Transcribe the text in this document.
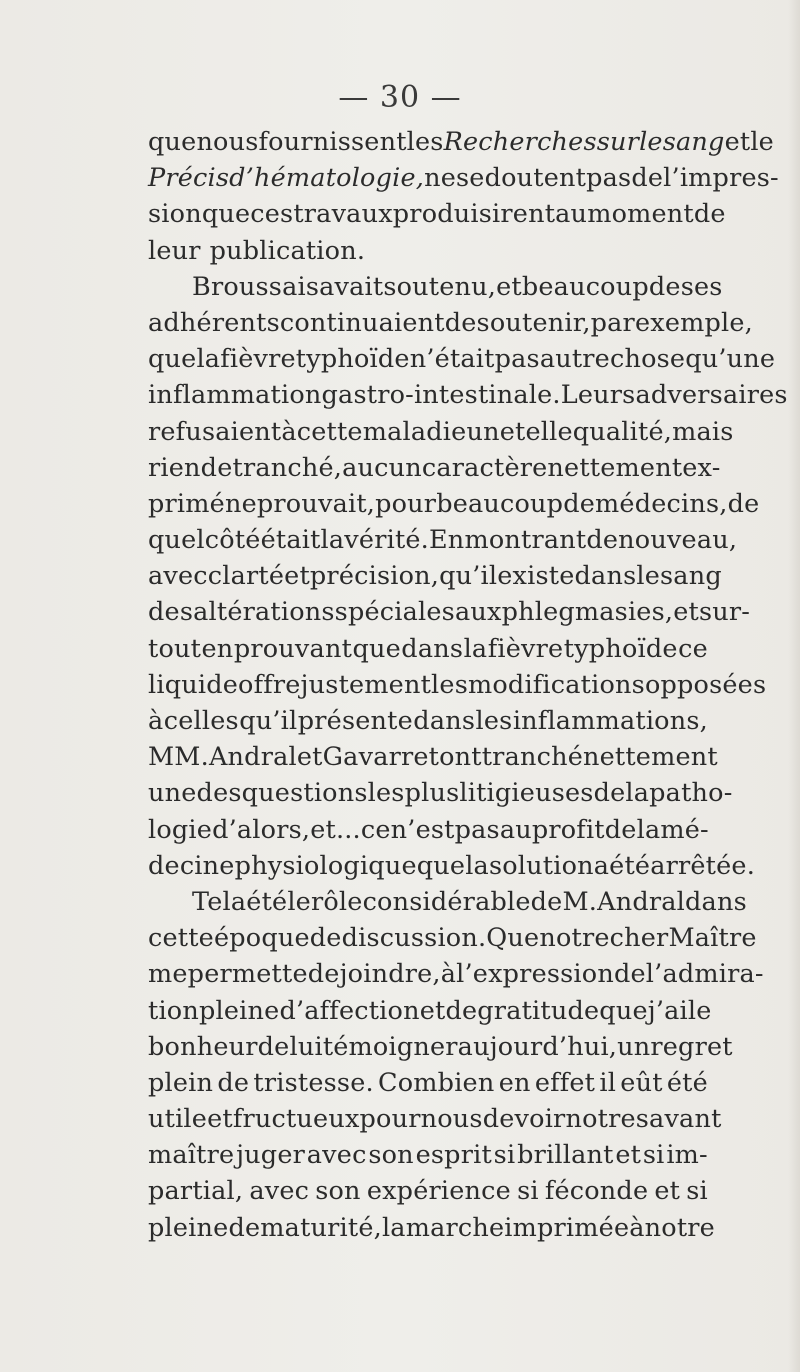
— 30 —
que nous fournissent les Recherches sur le sang et le
Précis d’hématologie, ne se doutent pas de l’impres-
sion que ces travaux produisirent au moment de
leur publication.
Broussais avait soutenu, et beaucoup de ses
adhérents continuaient de soutenir, par exemple,
que la fièvre typhoïde n’était pas autre chose qu’une
inflammation gastro-intestinale. Leurs adversaires
refusaient à cette maladie une telle qualité, mais
rien de tranché, aucun caractère nettement ex-
primé ne prouvait, pour beaucoup de médecins, de
quel côté était la vérité. En montrant de nouveau,
avec clarté et précision, qu’il existe dans le sang
des altérations spéciales aux phlegmasies, et sur-
tout en prouvant que dans la fièvre typhoïde ce
liquide offre justement les modifications opposées
à celles qu’il présente dans les inflammations,
MM. Andral et Gavarret ont tranché nettement
une des questions les plus litigieuses de la patho-
logie d’alors, et... ce n’est pas au profit de la mé-
decine physiologique que la solution a été arrêtée.
Tel a été le rôle considérable de M. Andral dans
cette époque de discussion. Que notre cher Maître
me permette de joindre, à l’expression de l’admira-
tion pleine d’affection et de gratitude que j’ai le
bonheur de lui témoigner aujourd’hui, un regret
plein de tristesse. Combien en effet il eût été
utile et fructueux pour nous de voir notre savant
maître juger avec son esprit si brillant et si im-
partial, avec son expérience si féconde et si
pleine de maturité, la marche imprimée à notre
